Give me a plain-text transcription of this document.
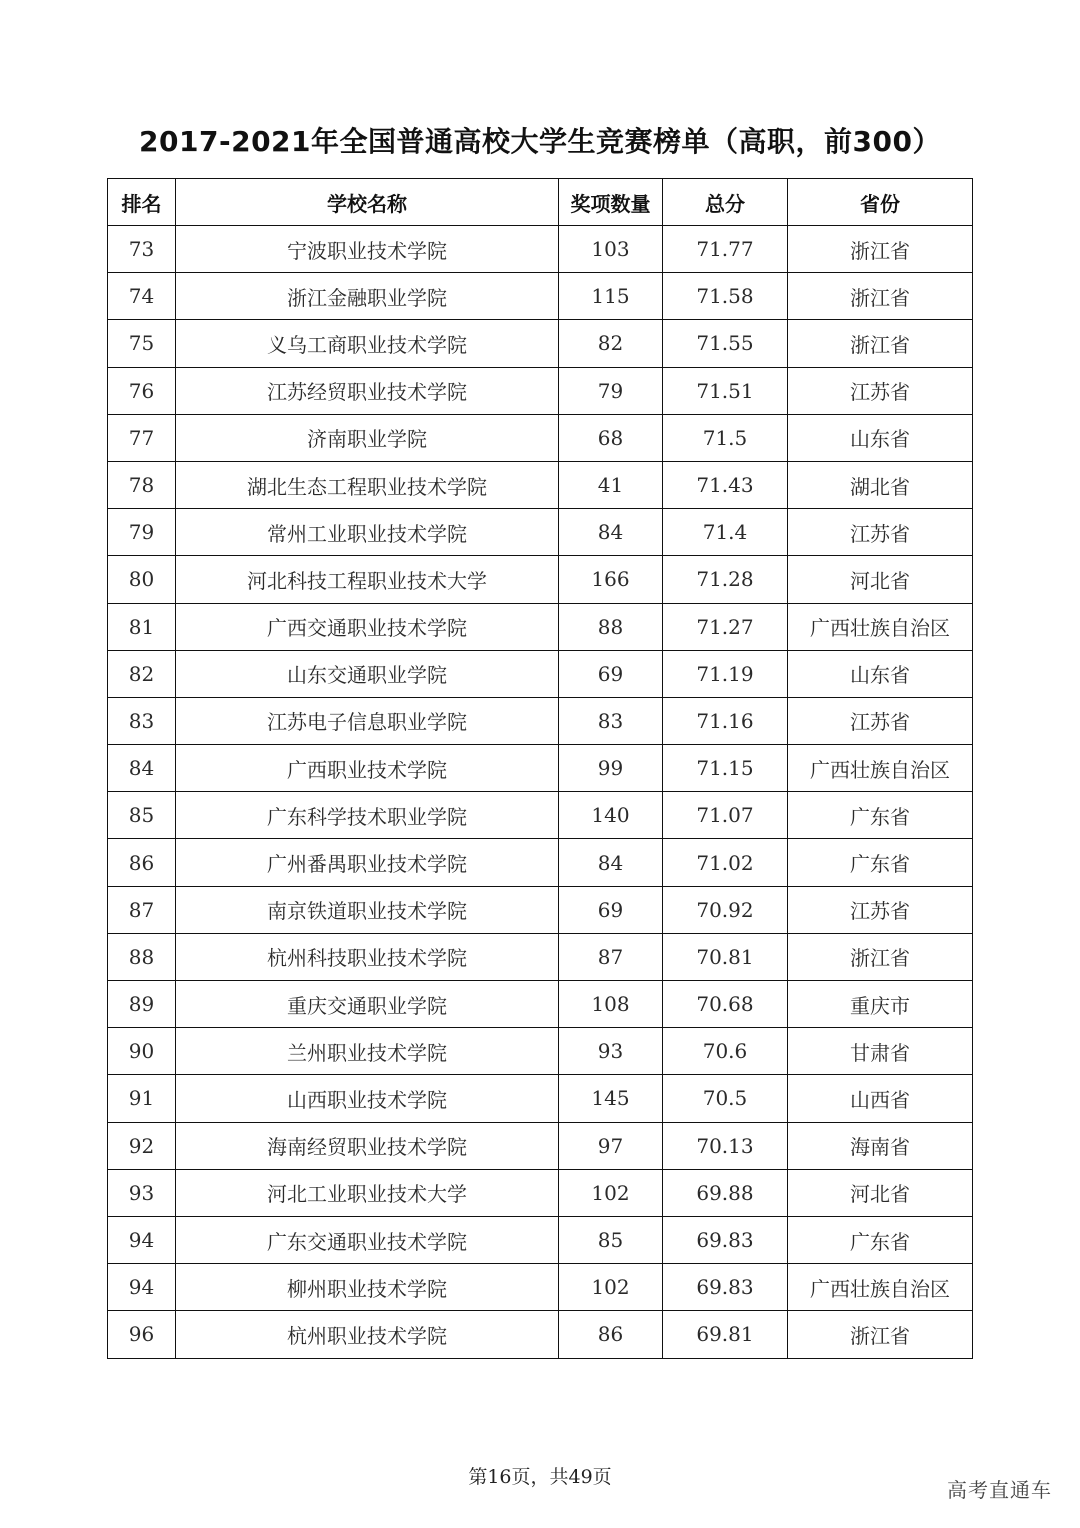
2017-2021年全国普通高校大学生竞赛榜单（高职，前300）
排名	学校名称	奖项数量	总分	省份
73	宁波职业技术学院	103	71.77	浙江省
74	浙江金融职业学院	115	71.58	浙江省
75	义乌工商职业技术学院	82	71.55	浙江省
76	江苏经贸职业技术学院	79	71.51	江苏省
77	济南职业学院	68	71.5	山东省
78	湖北生态工程职业技术学院	41	71.43	湖北省
79	常州工业职业技术学院	84	71.4	江苏省
80	河北科技工程职业技术大学	166	71.28	河北省
81	广西交通职业技术学院	88	71.27	广西壮族自治区
82	山东交通职业学院	69	71.19	山东省
83	江苏电子信息职业学院	83	71.16	江苏省
84	广西职业技术学院	99	71.15	广西壮族自治区
85	广东科学技术职业学院	140	71.07	广东省
86	广州番禺职业技术学院	84	71.02	广东省
87	南京铁道职业技术学院	69	70.92	江苏省
88	杭州科技职业技术学院	87	70.81	浙江省
89	重庆交通职业学院	108	70.68	重庆市
90	兰州职业技术学院	93	70.6	甘肃省
91	山西职业技术学院	145	70.5	山西省
92	海南经贸职业技术学院	97	70.13	海南省
93	河北工业职业技术大学	102	69.88	河北省
94	广东交通职业技术学院	85	69.83	广东省
94	柳州职业技术学院	102	69.83	广西壮族自治区
96	杭州职业技术学院	86	69.81	浙江省
第16页，共49页
高考直通车
